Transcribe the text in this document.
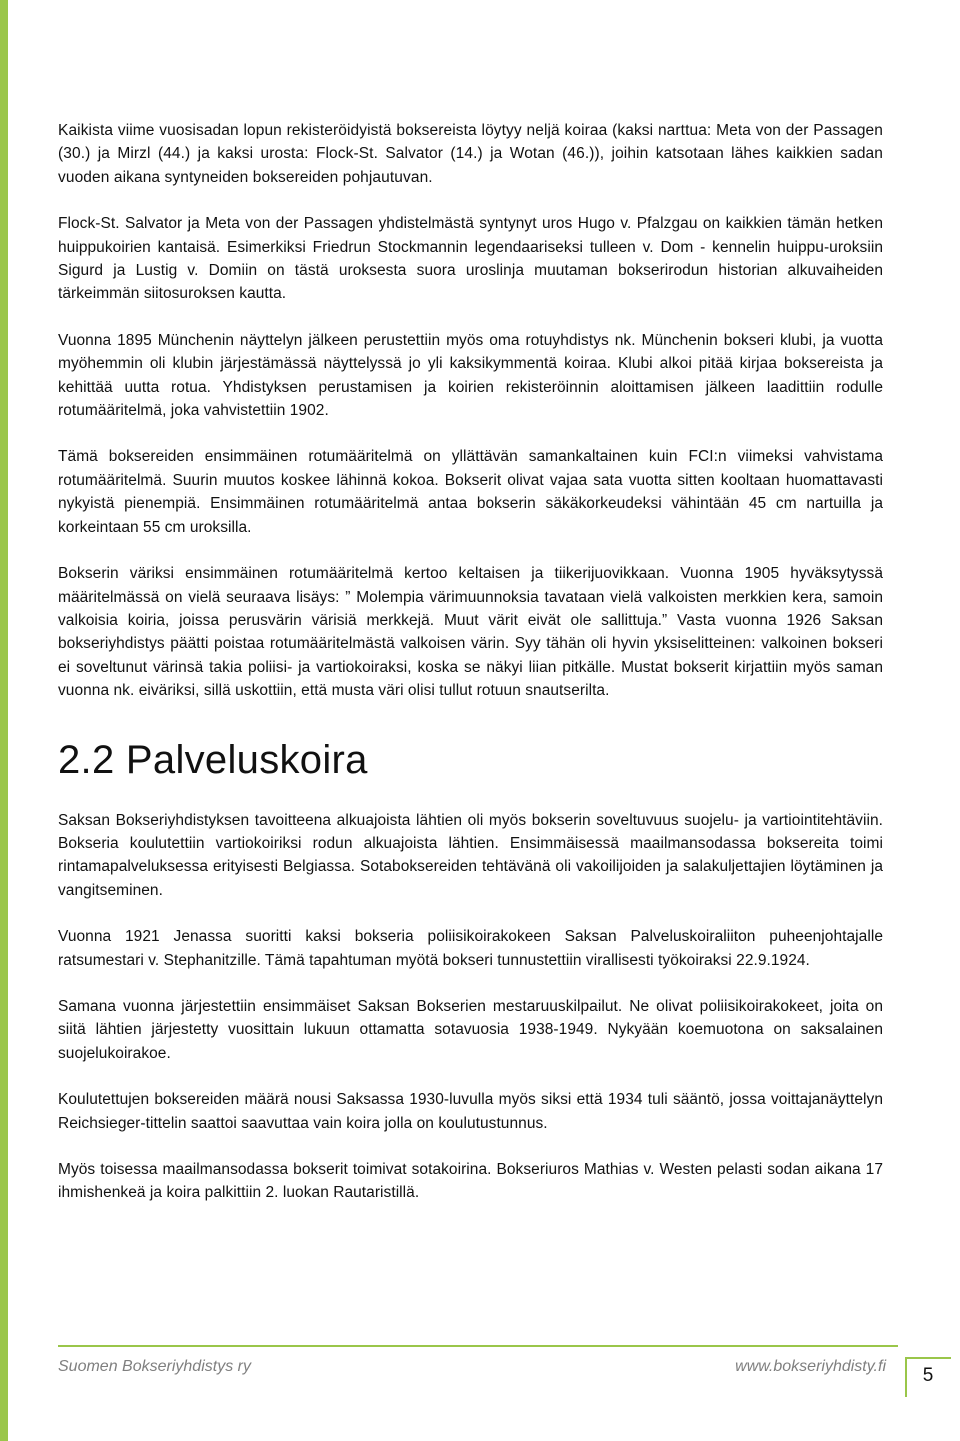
Kaikista viime vuosisadan lopun rekisteröidyistä boksereista löytyy neljä koiraa (kaksi narttua: Meta von der Passagen (30.) ja Mirzl (44.) ja kaksi urosta: Flock-St. Salvator (14.) ja Wotan (46.)), joihin katsotaan lähes kaikkien sadan vuoden aikana syntyneiden boksereiden pohjautuvan.

Flock-St. Salvator ja Meta von der Passagen yhdistelmästä syntynyt uros Hugo v. Pfalzgau on kaikkien tämän hetken huippukoirien kantaisä. Esimerkiksi Friedrun Stockmannin legendaariseksi tulleen v. Dom - kennelin huippu-uroksiin Sigurd ja Lustig v. Domiin on tästä uroksesta suora uroslinja muutaman bokserirodun historian alkuvaiheiden tärkeimmän siitosuroksen kautta.

Vuonna 1895 Münchenin näyttelyn jälkeen perustettiin myös oma rotuyhdistys nk. Münchenin bokseri klubi, ja vuotta myöhemmin oli klubin järjestämässä näyttelyssä jo yli kaksikymmentä koiraa. Klubi alkoi pitää kirjaa boksereista ja kehittää uutta rotua. Yhdistyksen perustamisen ja koirien rekisteröinnin aloittamisen jälkeen laadittiin rodulle rotumääritelmä, joka vahvistettiin 1902.

Tämä boksereiden ensimmäinen rotumääritelmä on yllättävän samankaltainen kuin FCI:n viimeksi vahvistama rotumääritelmä. Suurin muutos koskee lähinnä kokoa. Bokserit olivat vajaa sata vuotta sitten kooltaan huomattavasti nykyistä pienempiä. Ensimmäinen rotumääritelmä antaa bokserin säkäkorkeudeksi vähintään 45 cm nartuilla ja korkeintaan 55 cm uroksilla.

Bokserin väriksi ensimmäinen rotumääritelmä kertoo keltaisen ja tiikerijuovikkaan. Vuonna 1905 hyväksytyssä määritelmässä on vielä seuraava lisäys: ” Molempia värimuunnoksia tavataan vielä valkoisten merkkien kera, samoin valkoisia koiria, joissa perusvärin värisiä merkkejä. Muut värit eivät ole sallittuja.” Vasta vuonna 1926 Saksan bokseriyhdistys päätti poistaa rotumääritelmästä valkoisen värin. Syy tähän oli hyvin yksiselitteinen: valkoinen bokseri ei soveltunut värinsä takia poliisi- ja vartiokoiraksi, koska se näkyi liian pitkälle. Mustat bokserit kirjattiin myös saman vuonna nk. eiväriksi, sillä uskottiin, että musta väri olisi tullut rotuun snautserilta.

2.2 Palveluskoira

Saksan Bokseriyhdistyksen tavoitteena alkuajoista lähtien oli myös bokserin soveltuvuus suojelu- ja vartiointitehtäviin. Bokseria koulutettiin vartiokoiriksi rodun alkuajoista lähtien. Ensimmäisessä maailmansodassa boksereita toimi rintamapalveluksessa erityisesti Belgiassa. Sotaboksereiden tehtävänä oli vakoilijoiden ja salakuljettajien löytäminen ja vangitseminen.

Vuonna 1921 Jenassa suoritti kaksi bokseria poliisikoirakokeen Saksan Palveluskoiraliiton puheenjohtajalle ratsumestari v. Stephanitzille. Tämä tapahtuman myötä bokseri tunnustettiin virallisesti työkoiraksi 22.9.1924.

Samana vuonna järjestettiin ensimmäiset Saksan Bokserien mestaruuskilpailut. Ne olivat poliisikoirakokeet, joita on siitä lähtien järjestetty vuosittain lukuun ottamatta sotavuosia 1938-1949. Nykyään koemuotona on saksalainen suojelukoirakoe.

Koulutettujen boksereiden määrä nousi Saksassa 1930-luvulla myös siksi että 1934 tuli sääntö, jossa voittajanäyttelyn Reichsieger-tittelin saattoi saavuttaa vain koira jolla on koulutustunnus.

Myös toisessa maailmansodassa bokserit toimivat sotakoirina. Bokseriuros Mathias v. Westen pelasti sodan aikana 17 ihmishenkeä ja koira palkittiin 2. luokan Rautaristillä.

Suomen Bokseriyhdistys ry	www.bokseriyhdisty.fi	5
